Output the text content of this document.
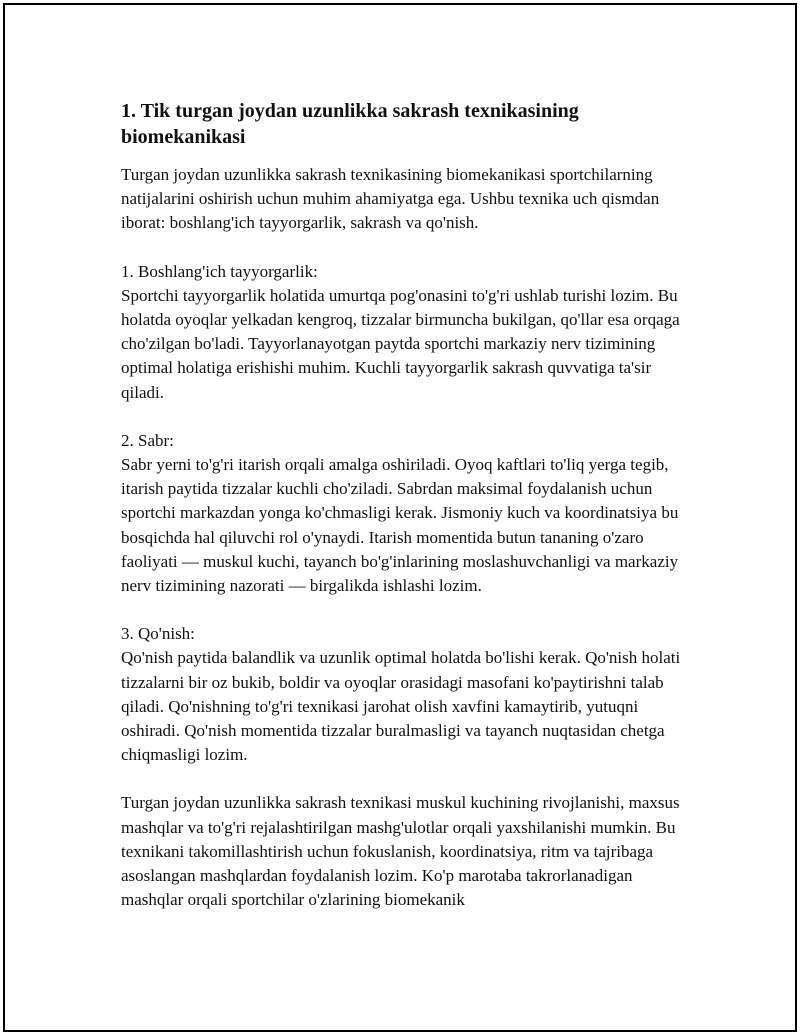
1. Tik turgan joydan uzunlikka sakrash texnikasining biomekanikasi

Turgan joydan uzunlikka sakrash texnikasining biomekanikasi sportchilarning natijalarini oshirish uchun muhim ahamiyatga ega. Ushbu texnika uch qismdan iborat: boshlang'ich tayyorgarlik, sakrash va qo'nish.

1. Boshlang'ich tayyorgarlik:

Sportchi tayyorgarlik holatida umurtqa pog'onasini to'g'ri ushlab turishi lozim. Bu holatda oyoqlar yelkadan kengroq, tizzalar birmuncha bukilgan, qo'llar esa orqaga cho'zilgan bo'ladi. Tayyorlanayotgan paytda sportchi markaziy nerv tizimining optimal holatiga erishishi muhim. Kuchli tayyorgarlik sakrash quvvatiga ta'sir qiladi.

2. Sabr:

Sabr yerni to'g'ri itarish orqali amalga oshiriladi. Oyoq kaftlari to'liq yerga tegib, itarish paytida tizzalar kuchli cho'ziladi. Sabrdan maksimal foydalanish uchun sportchi markazdan yonga ko'chmasligi kerak. Jismoniy kuch va koordinatsiya bu bosqichda hal qiluvchi rol o'ynaydi. Itarish momentida butun tananing o'zaro faoliyati — muskul kuchi, tayanch bo'g'inlarining moslashuvchanligi va markaziy nerv tizimining nazorati — birgalikda ishlashi lozim.

3. Qo'nish:

Qo'nish paytida balandlik va uzunlik optimal holatda bo'lishi kerak. Qo'nish holati tizzalarni bir oz bukib, boldir va oyoqlar orasidagi masofani ko'paytirishni talab qiladi. Qo'nishning to'g'ri texnikasi jarohat olish xavfini kamaytirib, yutuqni oshiradi. Qo'nish momentida tizzalar buralmasligi va tayanch nuqtasidan chetga chiqmasligi lozim.

Turgan joydan uzunlikka sakrash texnikasi muskul kuchining rivojlanishi, maxsus mashqlar va to'g'ri rejalashtirilgan mashg'ulotlar orqali yaxshilanishi mumkin. Bu texnikani takomillashtirish uchun fokuslanish, koordinatsiya, ritm va tajribaga asoslangan mashqlardan foydalanish lozim. Ko'p marotaba takrorlanadigan mashqlar orqali sportchilar o'zlarining biomekanik
